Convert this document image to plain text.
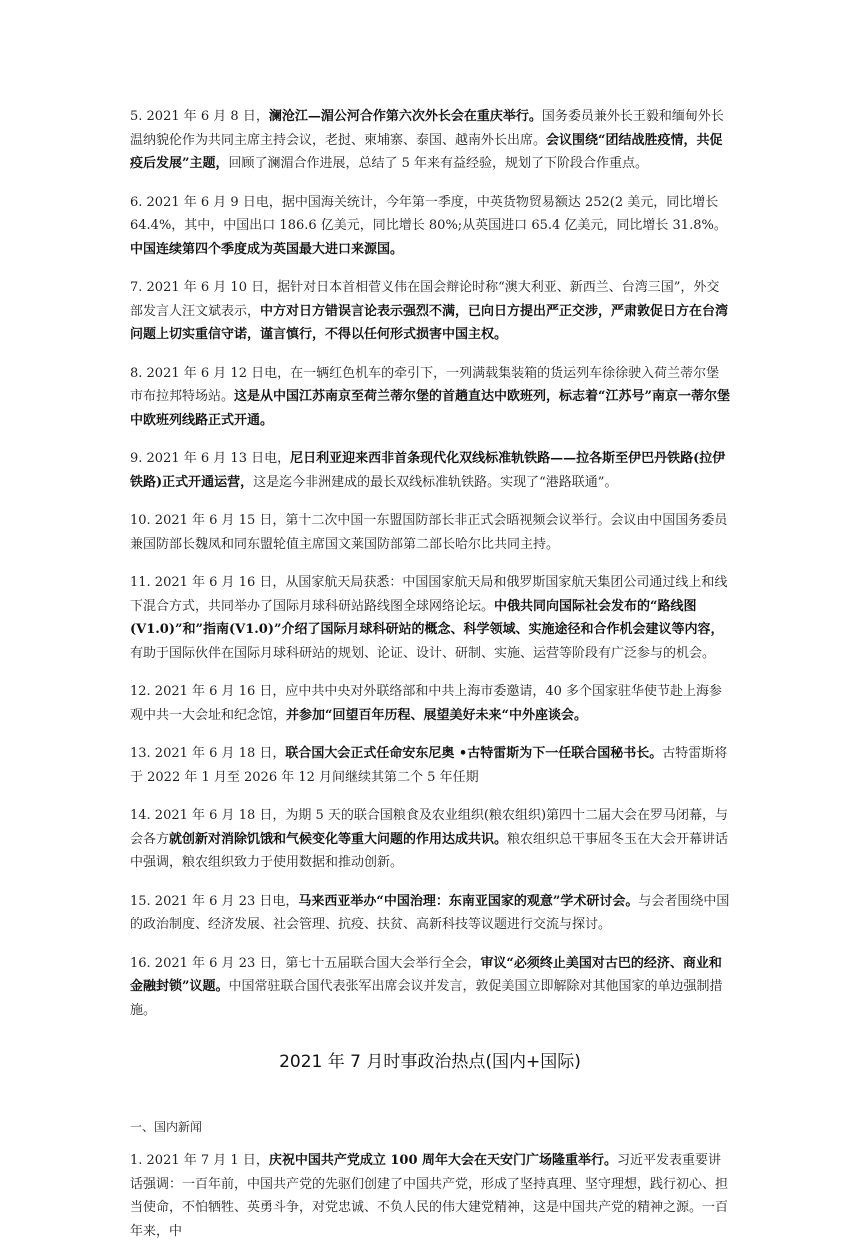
5. 2021 年 6 月 8 日，澜沧江—湄公河合作第六次外长会在重庆举行。国务委员兼外长王毅和缅甸外长温纳貌伦作为共同主席主持会议，老挝、柬埔寨、泰国、越南外长出席。会议围绕“团结战胜疫情，共促疫后发展”主题，回顾了澜湄合作进展，总结了 5 年来有益经验，规划了下阶段合作重点。

6. 2021 年 6 月 9 日电，据中国海关统计，今年第一季度，中英货物贸易额达 252(2 美元，同比增长 64.4%，其中，中国出口 186.6 亿美元，同比增长 80%;从英国进口 65.4 亿美元，同比增长 31.8%。中国连续第四个季度成为英国最大进口来源国。

7. 2021 年 6 月 10 日，据针对日本首相菅义伟在国会辩论时称“澳大利亚、新西兰、台湾三国”，外交部发言人汪文斌表示，中方对日方错误言论表示强烈不满，已向日方提出严正交涉，严肃敦促日方在台湾问题上切实重信守诺，谨言慎行，不得以任何形式损害中国主权。

8. 2021 年 6 月 12 日电，在一辆红色机车的牵引下，一列满载集装箱的货运列车徐徐驶入荷兰蒂尔堡市布拉邦特场站。这是从中国江苏南京至荷兰蒂尔堡的首趟直达中欧班列，标志着“江苏号”南京一蒂尔堡中欧班列线路正式开通。

9. 2021 年 6 月 13 日电，尼日利亚迎来西非首条现代化双线标准轨铁路——拉各斯至伊巴丹铁路(拉伊铁路)正式开通运营，这是迄今非洲建成的最长双线标准轨铁路。实现了“港路联通”。

10. 2021 年 6 月 15 日，第十二次中国一东盟国防部长非正式会晤视频会议举行。会议由中国国务委员兼国防部长魏凤和同东盟轮值主席国文莱国防部第二部长哈尔比共同主持。

11. 2021 年 6 月 16 日，从国家航天局获悉：中国国家航天局和俄罗斯国家航天集团公司通过线上和线下混合方式，共同举办了国际月球科研站路线图全球网络论坛。中俄共同向国际社会发布的“路线图(V1.0)”和”指南(V1.0)”介绍了国际月球科研站的概念、科学领域、实施途径和合作机会建议等内容，有助于国际伙伴在国际月球科研站的规划、论证、设计、研制、实施、运营等阶段有广泛参与的机会。

12. 2021 年 6 月 16 日，应中共中央对外联络部和中共上海市委邀请，40 多个国家驻华使节赴上海参观中共一大会址和纪念馆，并参加“回望百年历程、展望美好未来“中外座谈会。

13. 2021 年 6 月 18 日，联合国大会正式任命安东尼奥 •古特雷斯为下一任联合国秘书长。古特雷斯将于 2022 年 1 月至 2026 年 12 月间继续其第二个 5 年任期

14. 2021 年 6 月 18 日，为期 5 天的联合国粮食及农业组织(粮农组织)第四十二届大会在罗马闭幕，与会各方就创新对消除饥饿和气候变化等重大问题的作用达成共识。粮农组织总干事屈冬玉在大会开幕讲话中强调，粮农组织致力于使用数据和推动创新。

15. 2021 年 6 月 23 日电，马来西亚举办“中国治理：东南亚国家的观意”学术研讨会。与会者围绕中国的政治制度、经济发展、社会管理、抗疫、扶贫、高新科技等议题进行交流与探讨。

16. 2021 年 6 月 23 日，第七十五届联合国大会举行全会，审议“必须终止美国对古巴的经济、商业和金融封锁”议题。中国常驻联合国代表张军出席会议并发言，敦促美国立即解除对其他国家的单边强制措施。

2021 年 7 月时事政治热点(国内+国际)
一、国内新闻

1. 2021 年 7 月 1 日，庆祝中国共产党成立 100 周年大会在天安门广场隆重举行。习近平发表重要讲话强调：一百年前，中国共产党的先驱们创建了中国共产党，形成了坚持真理、坚守理想，践行初心、担当使命，不怕牺牲、英勇斗争，对党忠诚、不负人民的伟大建党精神，这是中国共产党的精神之源。一百年来，中
